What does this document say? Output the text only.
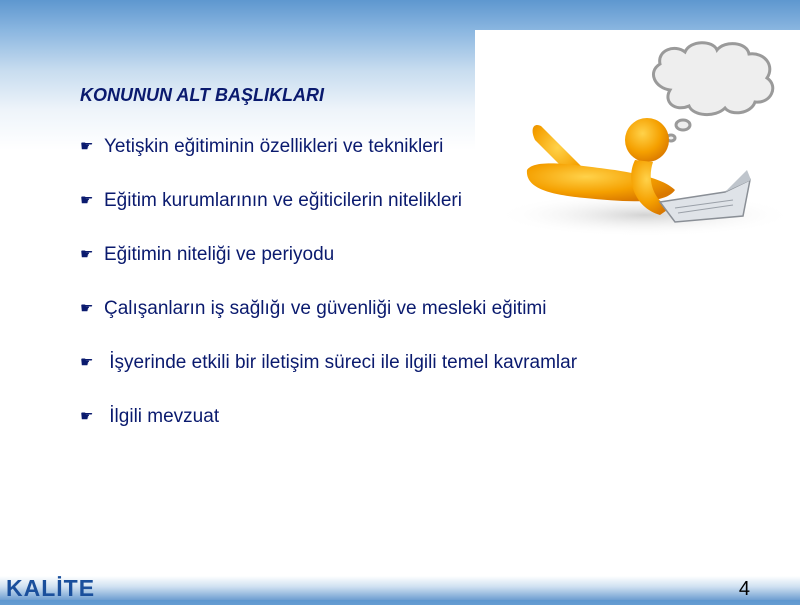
KONUNUN ALT BAŞLIKLARI
☛ Yetişkin eğitiminin özellikleri ve teknikleri
☛ Eğitim kurumlarının ve eğiticilerin nitelikleri
☛ Eğitimin niteliği ve periyodu
☛ Çalışanların iş sağlığı ve güvenliği ve mesleki eğitimi
☛ İşyerinde etkili bir iletişim süreci ile ilgili temel kavramlar
☛ İlgili mevzuat
KALİTE	4
